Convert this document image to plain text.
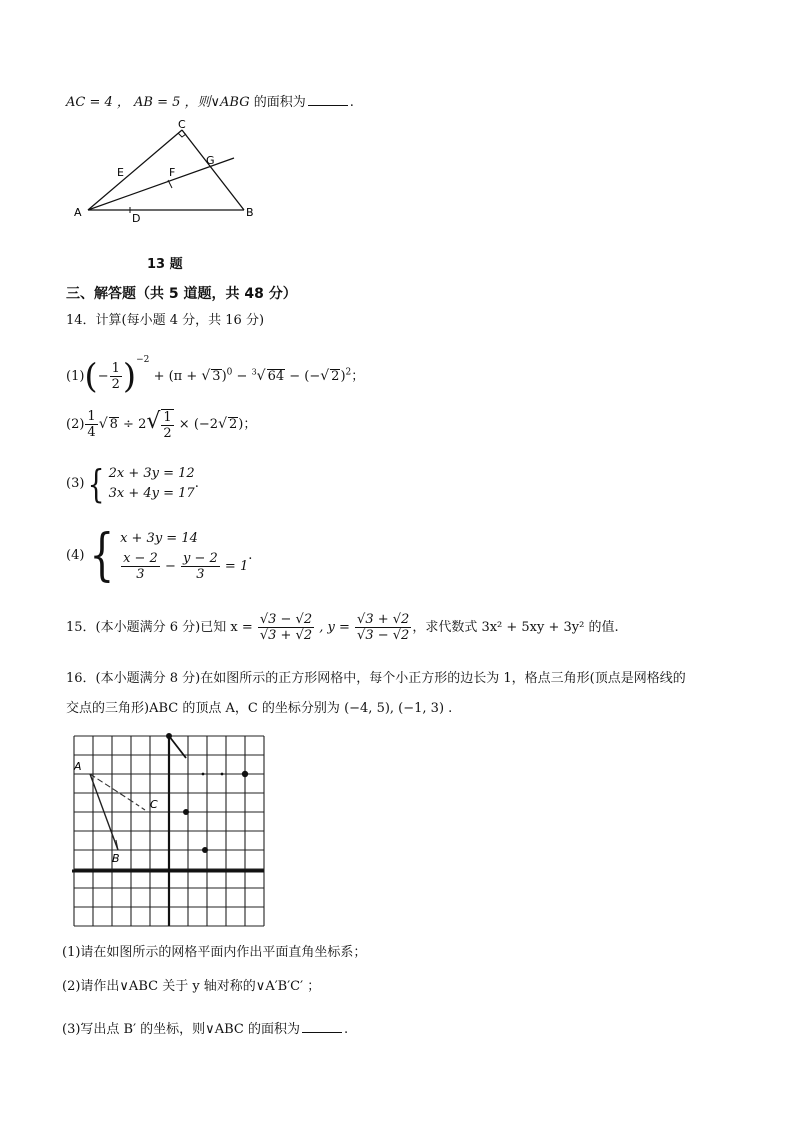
AC = 4 ， AB = 5 ，则∨ABG 的面积为	.
A	B
C
D
E	F
G
13 题
三、解答题（共 5 道题，共 48 分）
14．计算(每小题 4 分，共 16 分)
$(1)(- \frac{1}{2} )^{-2} + (\pi$ + √ 3)$^0$ − $^3$√ 64 − (−√ 2)$^2$；
$(2) \frac{1}{4}$ √ $8 \div 2√ \frac{1}{2} \times (-2√$ 2)；
(3){ 2x + 3y = 12
3x + 4y = 17
.
(4){ x + 3y = 14
$\frac{x - 2}{3} - \frac{y - 2}{3} = 1$
.
15．(本小题满分 6 分)已知 $x = \frac{√3 - √2}{√3 + √2}$ , $y = \frac{√3 + √2}{√3 - √2}$ ，求代数式 3x² + 5xy + 3y² 的值.
16．(本小题满分 8 分)在如图所示的正方形网格中，每个小正方形的边长为 1，格点三角形(顶点是网格线的
交点的三角形)ABC 的顶点 A，C 的坐标分别为 (−4, 5), (−1, 3) .
A
B
C
(1)请在如图所示的网格平面内作出平面直角坐标系；
(2)请作出∨ABC 关于 y 轴对称的∨A′B′C′ ；
(3)写出点 B′ 的坐标，则∨ABC 的面积为	.
